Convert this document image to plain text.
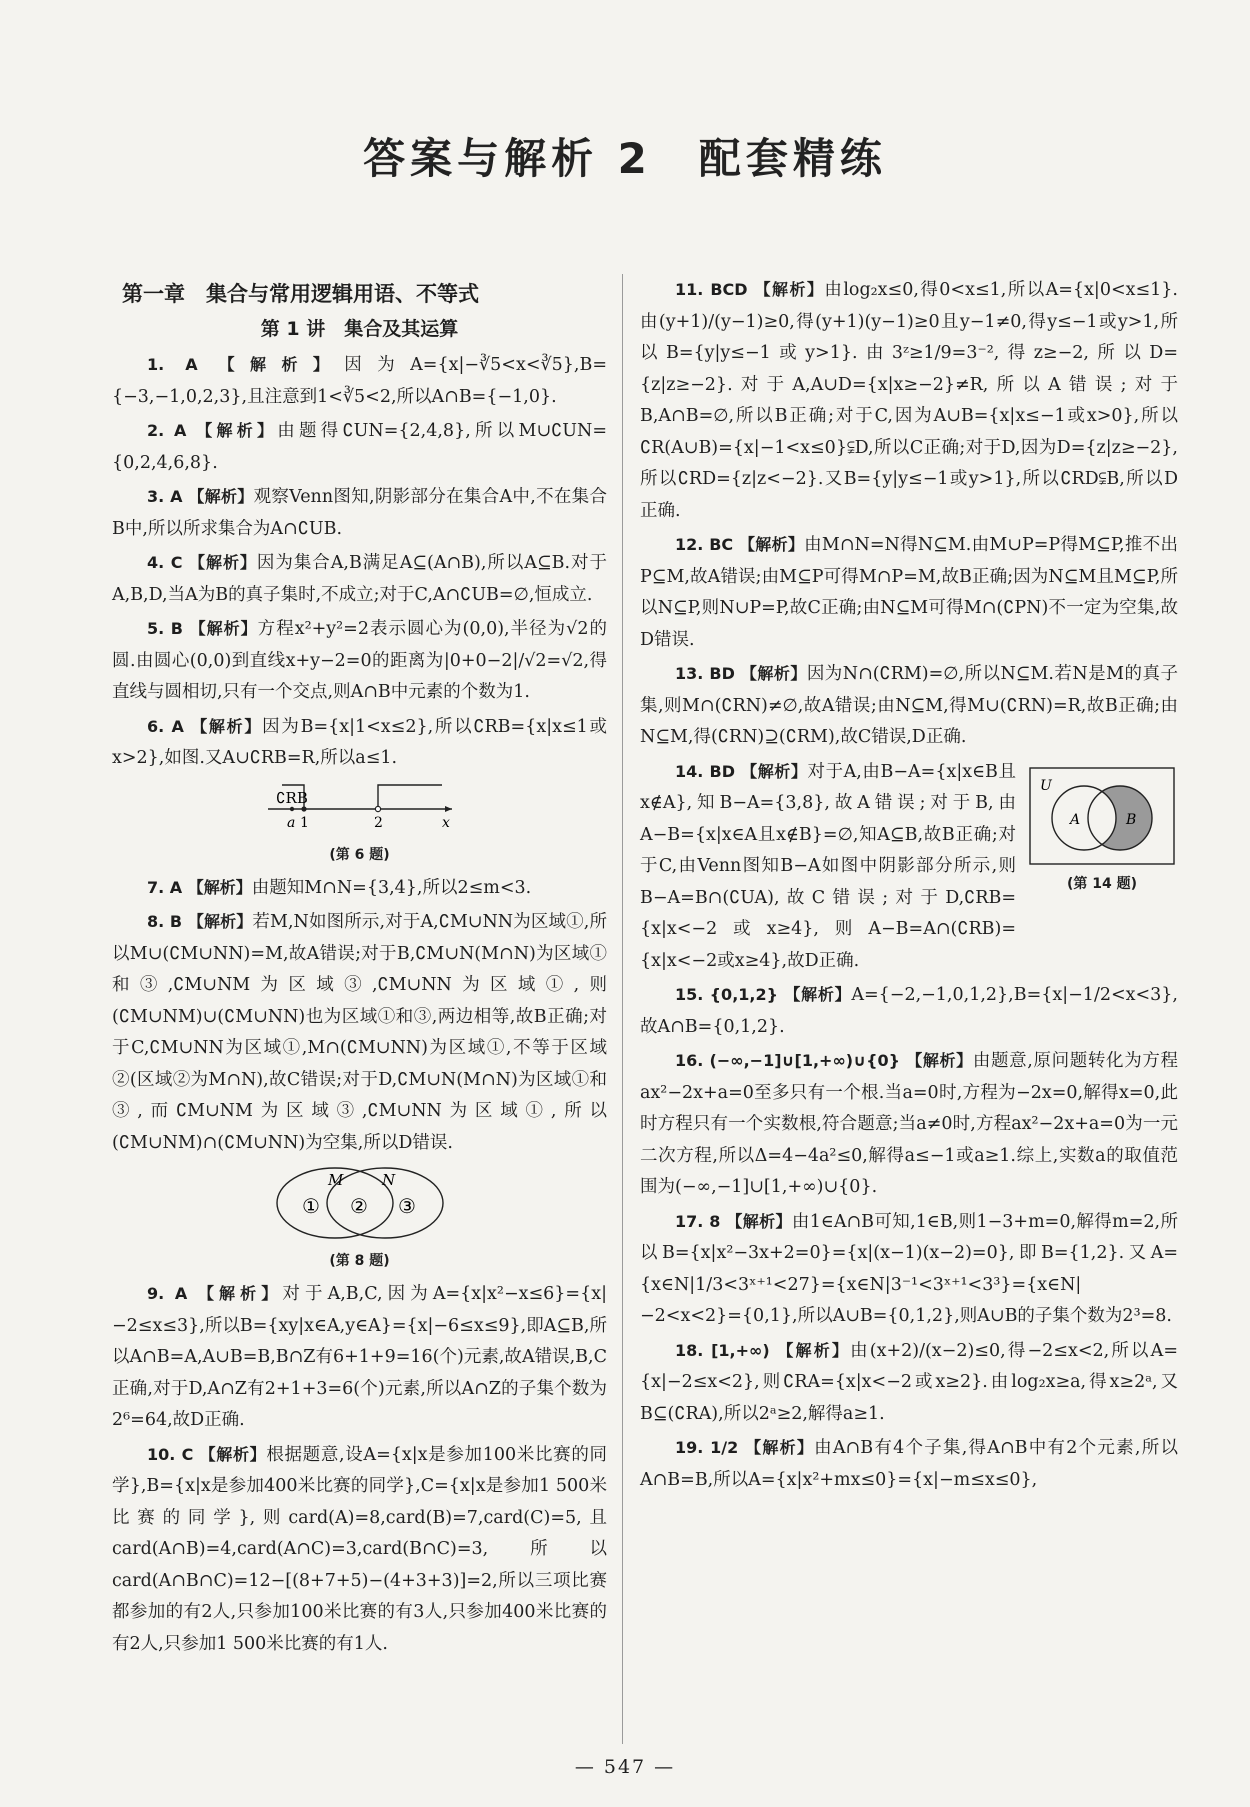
答案与解析 2　配套精练
第一章　集合与常用逻辑用语、不等式
第 1 讲　集合及其运算

1. A 【解析】因为A={x|−∛5<x<∛5},B={−3,−1,0,2,3},且注意到1<∛5<2,所以A∩B={−1,0}.

2. A 【解析】由题得∁UN={2,4,8},所以M∪∁UN={0,2,4,6,8}.

3. A 【解析】观察Venn图知,阴影部分在集合A中,不在集合B中,所以所求集合为A∩∁UB.

4. C 【解析】因为集合A,B满足A⊆(A∩B),所以A⊆B.对于A,B,D,当A为B的真子集时,不成立;对于C,A∩∁UB=∅,恒成立.

5. B 【解析】方程x²+y²=2表示圆心为(0,0),半径为√2的圆.由圆心(0,0)到直线x+y−2=0的距离为|0+0−2|/√2=√2,得直线与圆相切,只有一个交点,则A∩B中元素的个数为1.

6. A 【解析】因为B={x|1<x≤2},所以∁RB={x|x≤1或x>2},如图.又A∪∁RB=R,所以a≤1.

∁RB
a 1	2	x
(第 6 题)

7. A 【解析】由题知M∩N={3,4},所以2≤m<3.

8. B 【解析】若M,N如图所示,对于A,∁M∪NN为区域①,所以M∪(∁M∪NN)=M,故A错误;对于B,∁M∪N(M∩N)为区域①和③,∁M∪NM为区域③,∁M∪NN为区域①,则(∁M∪NM)∪(∁M∪NN)也为区域①和③,两边相等,故B正确;对于C,∁M∪NN为区域①,M∩(∁M∪NN)为区域①,不等于区域②(区域②为M∩N),故C错误;对于D,∁M∪N(M∩N)为区域①和③,而∁M∪NM为区域③,∁M∪NN为区域①,所以(∁M∪NM)∩(∁M∪NN)为空集,所以D错误.

M	N
① ② ③
(第 8 题)

9. A 【解析】对于A,B,C,因为A={x|x²−x≤6}={x|−2≤x≤3},所以B={xy|x∈A,y∈A}={x|−6≤x≤9},即A⊆B,所以A∩B=A,A∪B=B,B∩Z有6+1+9=16(个)元素,故A错误,B,C正确,对于D,A∩Z有2+1+3=6(个)元素,所以A∩Z的子集个数为2⁶=64,故D正确.

10. C 【解析】根据题意,设A={x|x是参加100米比赛的同学},B={x|x是参加400米比赛的同学},C={x|x是参加1 500米比赛的同学},则card(A)=8,card(B)=7,card(C)=5,且card(A∩B)=4,card(A∩C)=3,card(B∩C)=3,所以card(A∩B∩C)=12−[(8+7+5)−(4+3+3)]=2,所以三项比赛都参加的有2人,只参加100米比赛的有3人,只参加400米比赛的有2人,只参加1 500米比赛的有1人.

11. BCD 【解析】由log₂x≤0,得0<x≤1,所以A={x|0<x≤1}.由(y+1)/(y−1)≥0,得(y+1)(y−1)≥0且y−1≠0,得y≤−1或y>1,所以B={y|y≤−1或y>1}.由3ᶻ≥1/9=3⁻²,得z≥−2,所以D={z|z≥−2}.对于A,A∪D={x|x≥−2}≠R,所以A错误;对于B,A∩B=∅,所以B正确;对于C,因为A∪B={x|x≤−1或x>0},所以∁R(A∪B)={x|−1<x≤0}⫋D,所以C正确;对于D,因为D={z|z≥−2},所以∁RD={z|z<−2}.又B={y|y≤−1或y>1},所以∁RD⫋B,所以D正确.

12. BC 【解析】由M∩N=N得N⊆M.由M∪P=P得M⊆P,推不出P⊆M,故A错误;由M⊆P可得M∩P=M,故B正确;因为N⊆M且M⊆P,所以N⊆P,则N∪P=P,故C正确;由N⊆M可得M∩(∁PN)不一定为空集,故D错误.

13. BD 【解析】因为N∩(∁RM)=∅,所以N⊆M.若N是M的真子集,则M∩(∁RN)≠∅,故A错误;由N⊆M,得M∪(∁RN)=R,故B正确;由N⊆M,得(∁RN)⊇(∁RM),故C错误,D正确.

14. BD 【解析】对于A,由B−A={x|x∈B且x∉A},知B−A={3,8},故A错误;对于B,由A−B={x|x∈A且x∉B}=∅,知A⊆B,故B正确;对于C,由Venn图知B−A如图中阴影部分所示,则B−A=B∩(∁UA),故C错误;对于D,∁RB={x|x<−2或x≥4},则A−B=A∩(∁RB)={x|x<−2或x≥4},故D正确.

U
A	B
(第 14 题)

15. {0,1,2} 【解析】A={−2,−1,0,1,2},B={x|−1/2<x<3},故A∩B={0,1,2}.

16. (−∞,−1]∪[1,+∞)∪{0} 【解析】由题意,原问题转化为方程ax²−2x+a=0至多只有一个根.当a=0时,方程为−2x=0,解得x=0,此时方程只有一个实数根,符合题意;当a≠0时,方程ax²−2x+a=0为一元二次方程,所以Δ=4−4a²≤0,解得a≤−1或a≥1.综上,实数a的取值范围为(−∞,−1]∪[1,+∞)∪{0}.

17. 8 【解析】由1∈A∩B可知,1∈B,则1−3+m=0,解得m=2,所以B={x|x²−3x+2=0}={x|(x−1)(x−2)=0},即B={1,2}.又A={x∈N|1/3<3ˣ⁺¹<27}={x∈N|3⁻¹<3ˣ⁺¹<3³}={x∈N|−2<x<2}={0,1},所以A∪B={0,1,2},则A∪B的子集个数为2³=8.

18. [1,+∞) 【解析】由(x+2)/(x−2)≤0,得−2≤x<2,所以A={x|−2≤x<2},则∁RA={x|x<−2或x≥2}.由log₂x≥a,得x≥2ᵃ,又B⊆(∁RA),所以2ᵃ≥2,解得a≥1.

19. 1/2 【解析】由A∩B有4个子集,得A∩B中有2个元素,所以A∩B=B,所以A={x|x²+mx≤0}={x|−m≤x≤0},

— 547 —
